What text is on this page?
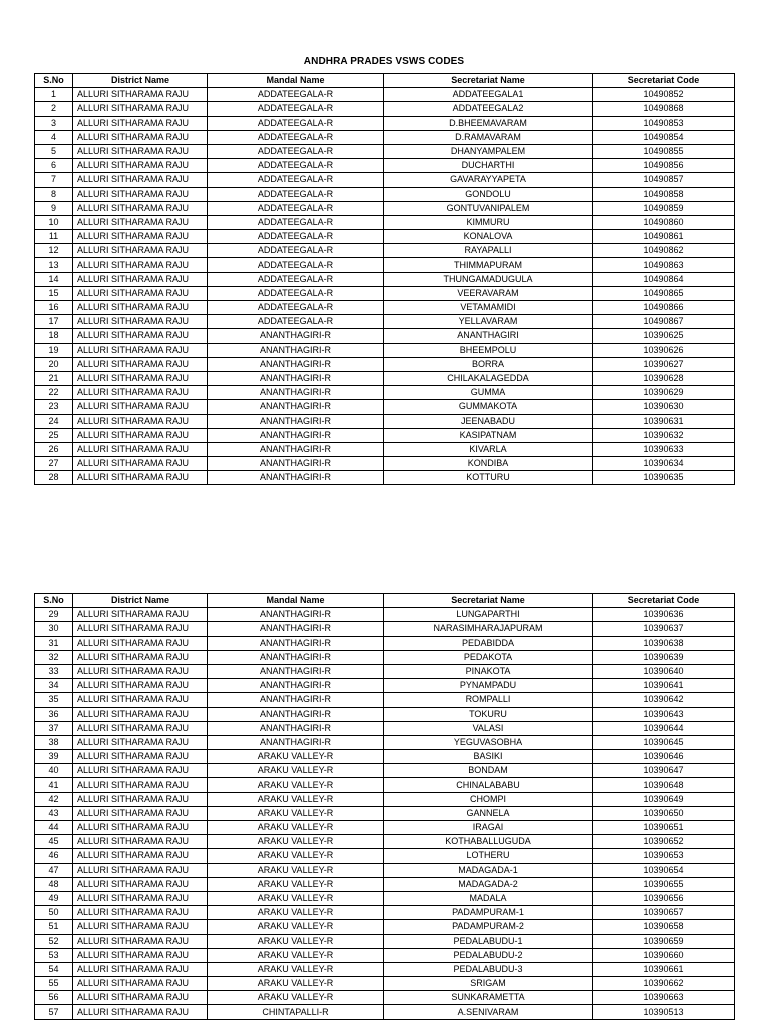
ANDHRA PRADES VSWS CODES
S.No	District Name	Mandal Name	Secretariat Name	Secretariat Code
1	ALLURI SITHARAMA RAJU	ADDATEEGALA-R	ADDATEEGALA1	10490852
2	ALLURI SITHARAMA RAJU	ADDATEEGALA-R	ADDATEEGALA2	10490868
3	ALLURI SITHARAMA RAJU	ADDATEEGALA-R	D.BHEEMAVARAM	10490853
4	ALLURI SITHARAMA RAJU	ADDATEEGALA-R	D.RAMAVARAM	10490854
5	ALLURI SITHARAMA RAJU	ADDATEEGALA-R	DHANYAMPALEM	10490855
6	ALLURI SITHARAMA RAJU	ADDATEEGALA-R	DUCHARTHI	10490856
7	ALLURI SITHARAMA RAJU	ADDATEEGALA-R	GAVARAYYAPETA	10490857
8	ALLURI SITHARAMA RAJU	ADDATEEGALA-R	GONDOLU	10490858
9	ALLURI SITHARAMA RAJU	ADDATEEGALA-R	GONTUVANIPALEM	10490859
10	ALLURI SITHARAMA RAJU	ADDATEEGALA-R	KIMMURU	10490860
11	ALLURI SITHARAMA RAJU	ADDATEEGALA-R	KONALOVA	10490861
12	ALLURI SITHARAMA RAJU	ADDATEEGALA-R	RAYAPALLI	10490862
13	ALLURI SITHARAMA RAJU	ADDATEEGALA-R	THIMMAPURAM	10490863
14	ALLURI SITHARAMA RAJU	ADDATEEGALA-R	THUNGAMADUGULA	10490864
15	ALLURI SITHARAMA RAJU	ADDATEEGALA-R	VEERAVARAM	10490865
16	ALLURI SITHARAMA RAJU	ADDATEEGALA-R	VETAMAMIDI	10490866
17	ALLURI SITHARAMA RAJU	ADDATEEGALA-R	YELLAVARAM	10490867
18	ALLURI SITHARAMA RAJU	ANANTHAGIRI-R	ANANTHAGIRI	10390625
19	ALLURI SITHARAMA RAJU	ANANTHAGIRI-R	BHEEMPOLU	10390626
20	ALLURI SITHARAMA RAJU	ANANTHAGIRI-R	BORRA	10390627
21	ALLURI SITHARAMA RAJU	ANANTHAGIRI-R	CHILAKALAGEDDA	10390628
22	ALLURI SITHARAMA RAJU	ANANTHAGIRI-R	GUMMA	10390629
23	ALLURI SITHARAMA RAJU	ANANTHAGIRI-R	GUMMAKOTA	10390630
24	ALLURI SITHARAMA RAJU	ANANTHAGIRI-R	JEENABADU	10390631
25	ALLURI SITHARAMA RAJU	ANANTHAGIRI-R	KASIPATNAM	10390632
26	ALLURI SITHARAMA RAJU	ANANTHAGIRI-R	KIVARLA	10390633
27	ALLURI SITHARAMA RAJU	ANANTHAGIRI-R	KONDIBA	10390634
28	ALLURI SITHARAMA RAJU	ANANTHAGIRI-R	KOTTURU	10390635
S.No	District Name	Mandal Name	Secretariat Name	Secretariat Code
29	ALLURI SITHARAMA RAJU	ANANTHAGIRI-R	LUNGAPARTHI	10390636
30	ALLURI SITHARAMA RAJU	ANANTHAGIRI-R	NARASIMHARAJAPURAM	10390637
31	ALLURI SITHARAMA RAJU	ANANTHAGIRI-R	PEDABIDDA	10390638
32	ALLURI SITHARAMA RAJU	ANANTHAGIRI-R	PEDAKOTA	10390639
33	ALLURI SITHARAMA RAJU	ANANTHAGIRI-R	PINAKOTA	10390640
34	ALLURI SITHARAMA RAJU	ANANTHAGIRI-R	PYNAMPADU	10390641
35	ALLURI SITHARAMA RAJU	ANANTHAGIRI-R	ROMPALLI	10390642
36	ALLURI SITHARAMA RAJU	ANANTHAGIRI-R	TOKURU	10390643
37	ALLURI SITHARAMA RAJU	ANANTHAGIRI-R	VALASI	10390644
38	ALLURI SITHARAMA RAJU	ANANTHAGIRI-R	YEGUVASOBHA	10390645
39	ALLURI SITHARAMA RAJU	ARAKU VALLEY-R	BASIKI	10390646
40	ALLURI SITHARAMA RAJU	ARAKU VALLEY-R	BONDAM	10390647
41	ALLURI SITHARAMA RAJU	ARAKU VALLEY-R	CHINALABABU	10390648
42	ALLURI SITHARAMA RAJU	ARAKU VALLEY-R	CHOMPI	10390649
43	ALLURI SITHARAMA RAJU	ARAKU VALLEY-R	GANNELA	10390650
44	ALLURI SITHARAMA RAJU	ARAKU VALLEY-R	IRAGAI	10390651
45	ALLURI SITHARAMA RAJU	ARAKU VALLEY-R	KOTHABALLUGUDA	10390652
46	ALLURI SITHARAMA RAJU	ARAKU VALLEY-R	LOTHERU	10390653
47	ALLURI SITHARAMA RAJU	ARAKU VALLEY-R	MADAGADA-1	10390654
48	ALLURI SITHARAMA RAJU	ARAKU VALLEY-R	MADAGADA-2	10390655
49	ALLURI SITHARAMA RAJU	ARAKU VALLEY-R	MADALA	10390656
50	ALLURI SITHARAMA RAJU	ARAKU VALLEY-R	PADAMPURAM-1	10390657
51	ALLURI SITHARAMA RAJU	ARAKU VALLEY-R	PADAMPURAM-2	10390658
52	ALLURI SITHARAMA RAJU	ARAKU VALLEY-R	PEDALABUDU-1	10390659
53	ALLURI SITHARAMA RAJU	ARAKU VALLEY-R	PEDALABUDU-2	10390660
54	ALLURI SITHARAMA RAJU	ARAKU VALLEY-R	PEDALABUDU-3	10390661
55	ALLURI SITHARAMA RAJU	ARAKU VALLEY-R	SRIGAM	10390662
56	ALLURI SITHARAMA RAJU	ARAKU VALLEY-R	SUNKARAMETTA	10390663
57	ALLURI SITHARAMA RAJU	CHINTAPALLI-R	A.SENIVARAM	10390513
